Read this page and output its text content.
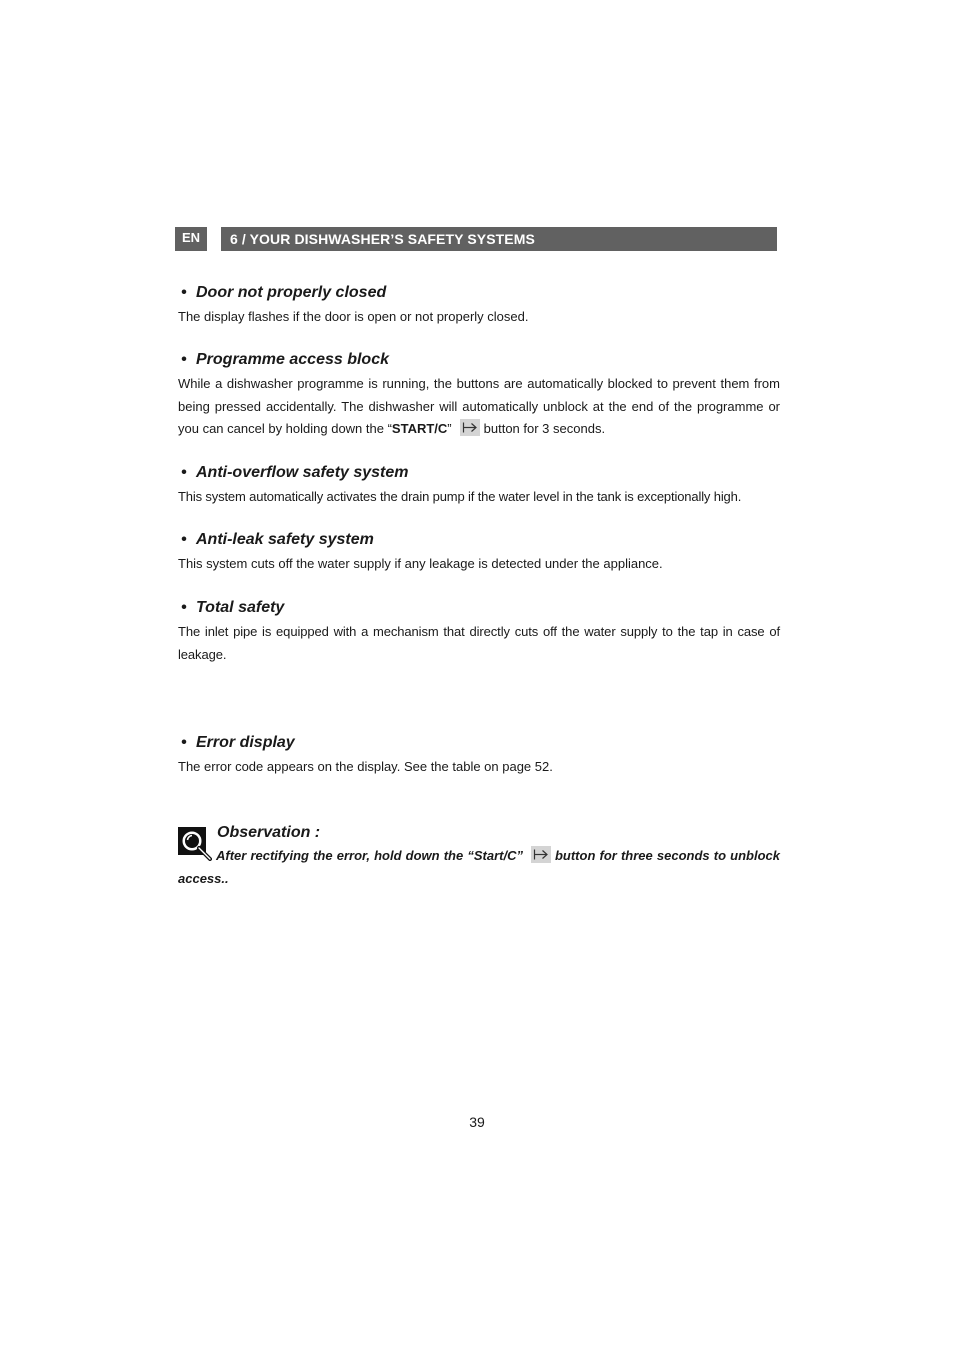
EN	6 / YOUR DISHWASHER’S SAFETY SYSTEMS
• Door not properly closed

The display flashes if the door is open or not properly closed.

• Programme access block

While a dishwasher programme is running, the buttons are automatically blocked to prevent them from being pressed accidentally. The dishwasher will automatically unblock at the end of the programme or you can cancel by holding down the “START/C” button for 3 seconds.

• Anti-overflow safety system

This system automatically activates the drain pump if the water level in the tank is exceptionally high.

• Anti-leak safety system

This system cuts off the water supply if any leakage is detected under the appliance.

• Total safety

The inlet pipe is equipped with a mechanism that directly cuts off the water supply to the tap in case of leakage.

• Error display

The error code appears on the display. See the table on page 52.

Observation :

After rectifying the error, hold down the “Start/C” button for three seconds to unblock access..

39
